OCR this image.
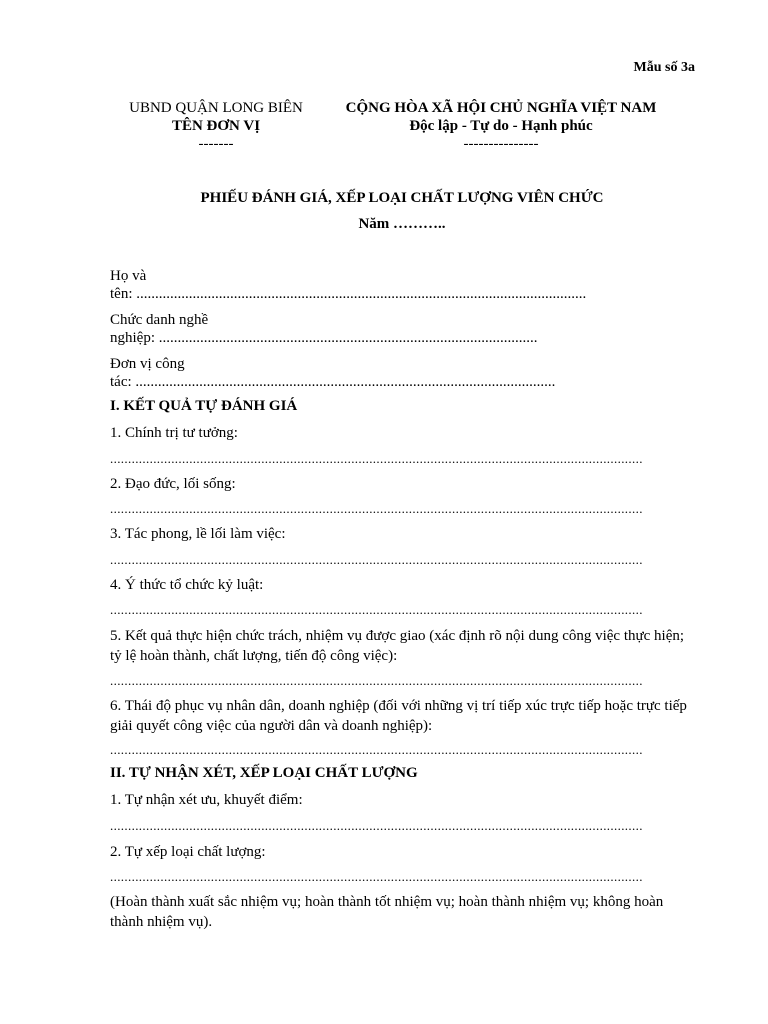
Mẫu số 3a
UBND QUẬN LONG BIÊN
TÊN ĐƠN VỊ
-------
CỘNG HÒA XÃ HỘI CHỦ NGHĨA VIỆT NAM
Độc lập - Tự do - Hạnh phúc
---------------
PHIẾU ĐÁNH GIÁ, XẾP LOẠI CHẤT LƯỢNG VIÊN CHỨC
Năm ………..
Họ và
tên: ........................................................................................................................
Chức danh nghề
nghiệp: .....................................................................................................
Đơn vị công
tác: ................................................................................................................
I. KẾT QUẢ TỰ ĐÁNH GIÁ
1. Chính trị tư tưởng:
....................................................................................................................................................
2. Đạo đức, lối sống:
....................................................................................................................................................
3. Tác phong, lề lối làm việc:
....................................................................................................................................................
4. Ý thức tổ chức kỷ luật:
....................................................................................................................................................
5. Kết quả thực hiện chức trách, nhiệm vụ được giao (xác định rõ nội dung công việc thực hiện; tỷ lệ hoàn thành, chất lượng, tiến độ công việc):
....................................................................................................................................................
6. Thái độ phục vụ nhân dân, doanh nghiệp (đối với những vị trí tiếp xúc trực tiếp hoặc trực tiếp giải quyết công việc của người dân và doanh nghiệp):
....................................................................................................................................................
II. TỰ NHẬN XÉT, XẾP LOẠI CHẤT LƯỢNG
1. Tự nhận xét ưu, khuyết điểm:
....................................................................................................................................................
2. Tự xếp loại chất lượng:
....................................................................................................................................................
(Hoàn thành xuất sắc nhiệm vụ; hoàn thành tốt nhiệm vụ; hoàn thành nhiệm vụ; không hoàn thành nhiệm vụ).
